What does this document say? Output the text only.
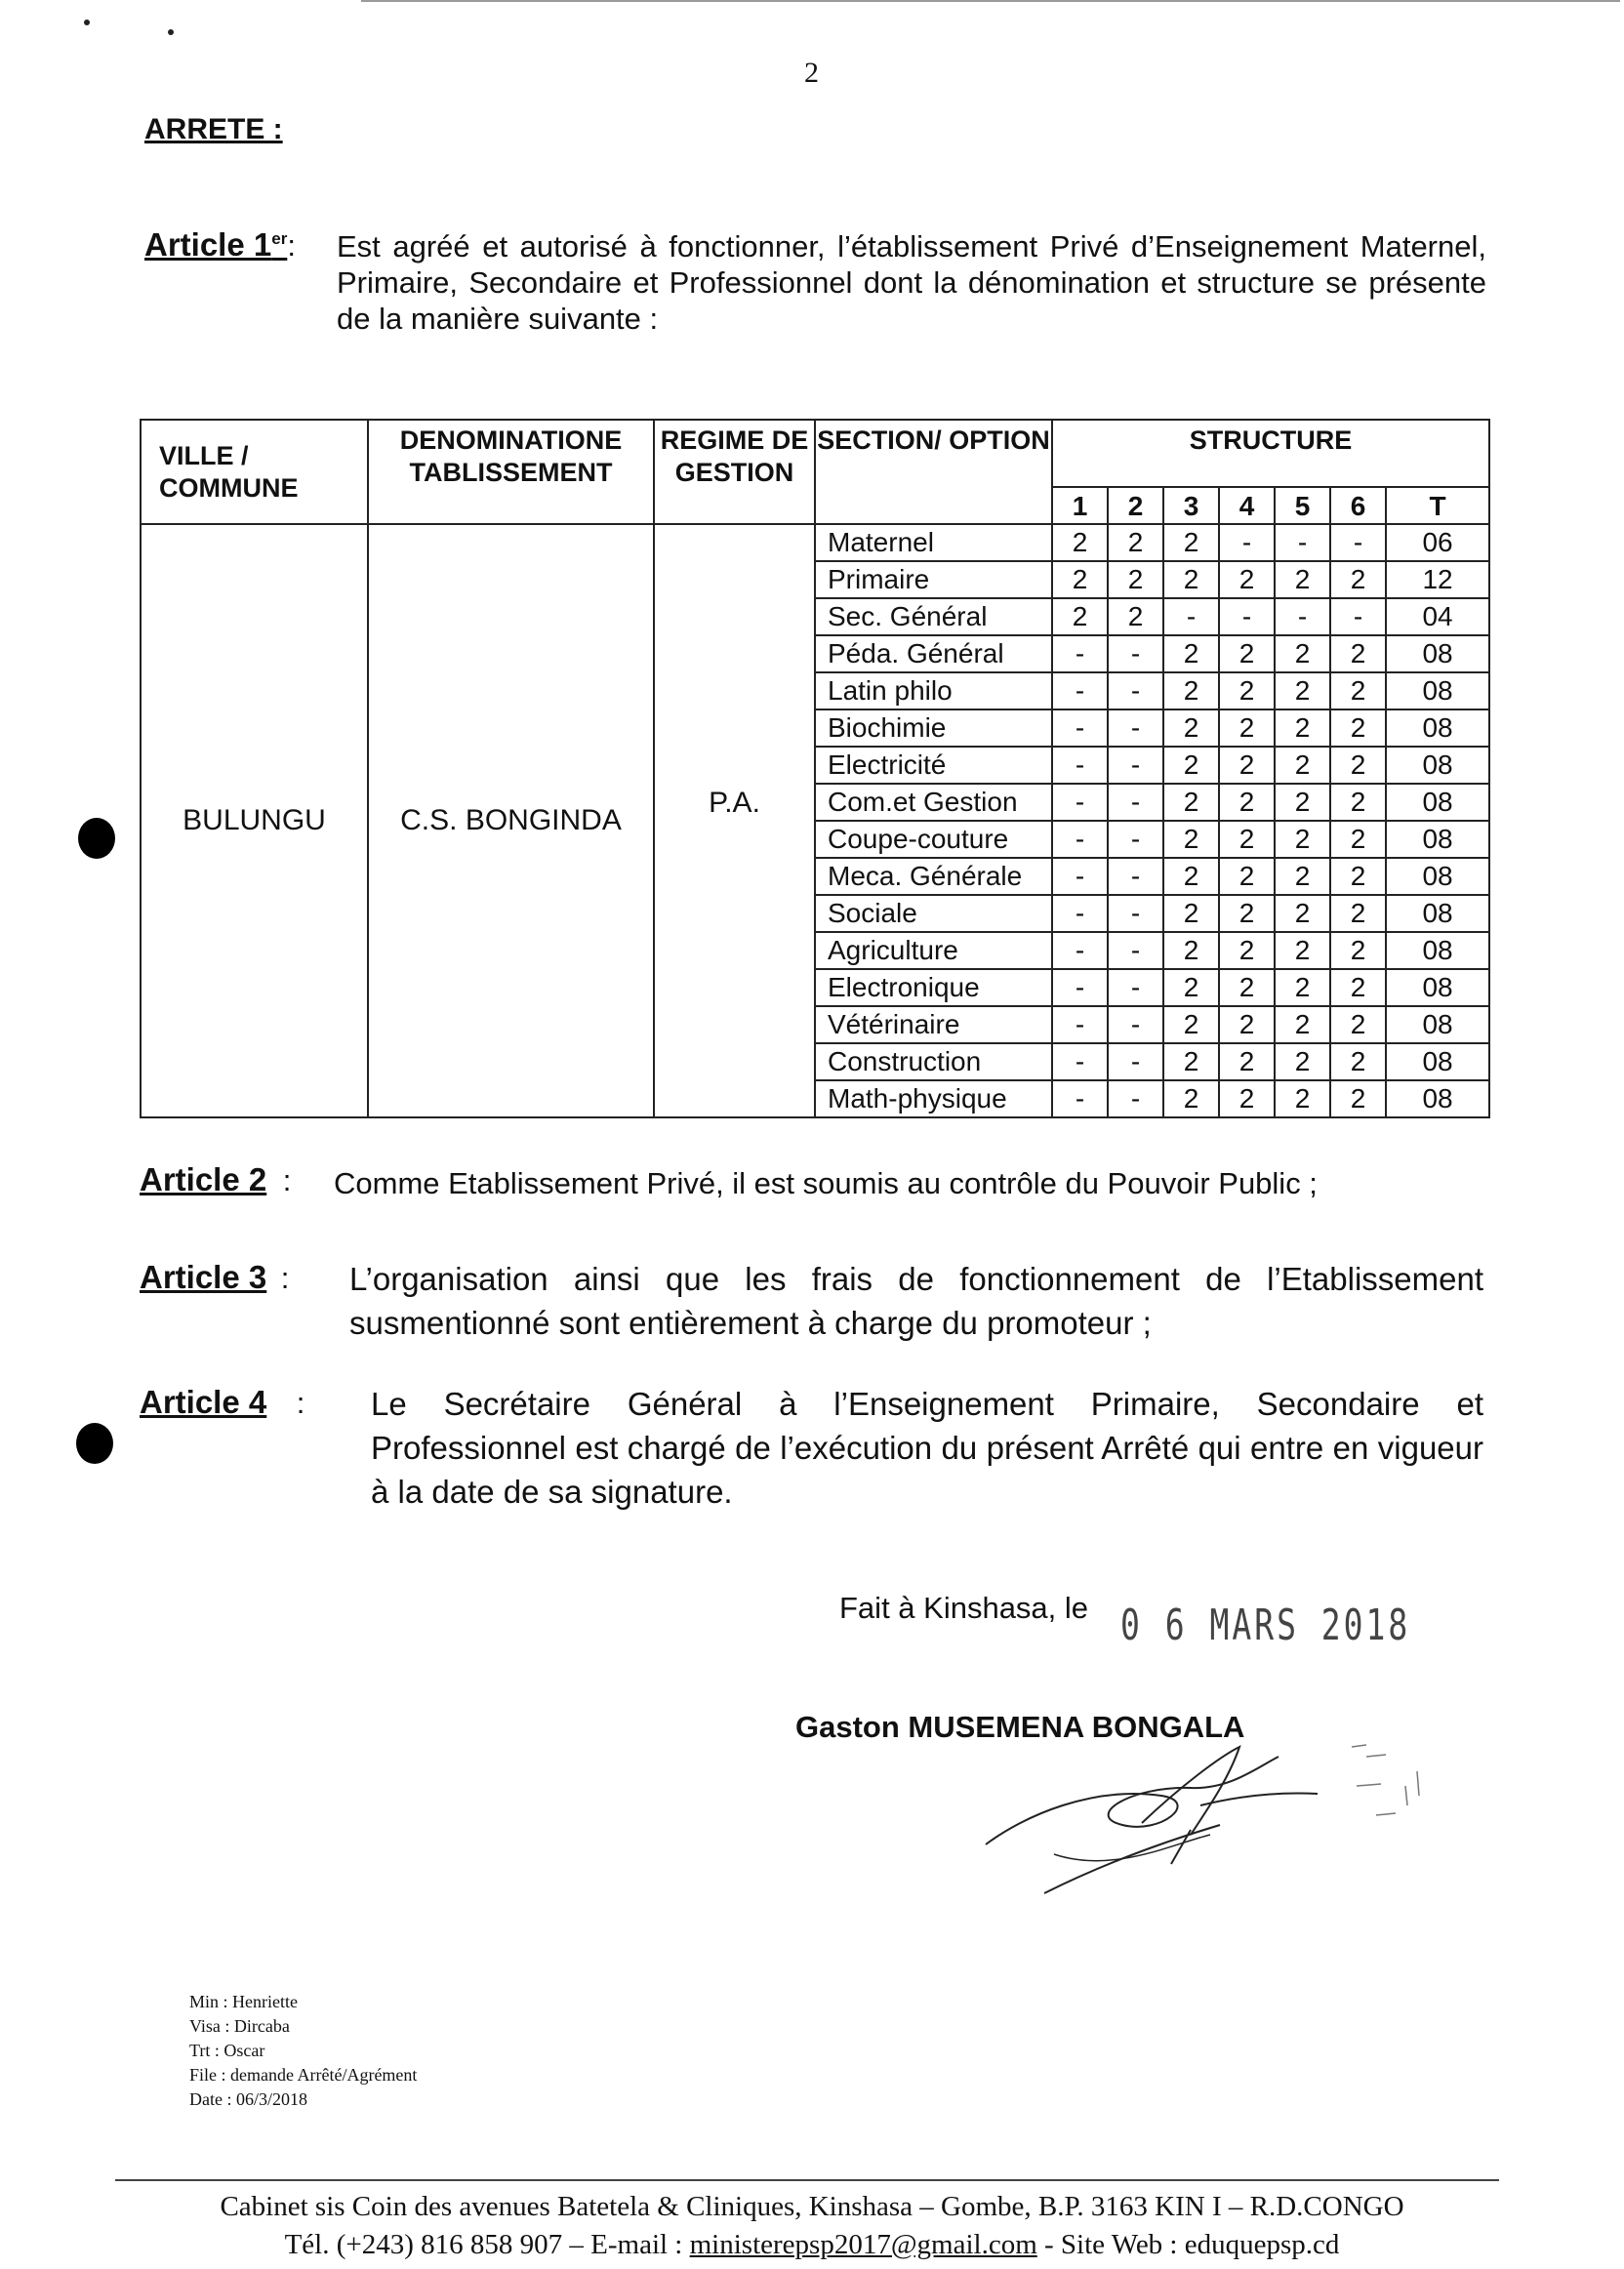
2
ARRETE :
Article 1er: Est agréé et autorisé à fonctionner, l’établissement Privé d’Enseignement Maternel, Primaire, Secondaire et Professionnel dont la dénomination et structure se présente de la manière suivante :
VILLE / COMMUNE	DENOMINATIONE TABLISSEMENT	REGIME DE GESTION	SECTION/ OPTION	STRUCTURE						
				1	2	3	4	5	6	T
BULUNGU	C.S. BONGINDA	P.A.	Maternel	2	2	2	-	-	-	06
			Primaire	2	2	2	2	2	2	12
			Sec. Général	2	2	-	-	-	-	04
			Péda. Général	-	-	2	2	2	2	08
			Latin philo	-	-	2	2	2	2	08
			Biochimie	-	-	2	2	2	2	08
			Electricité	-	-	2	2	2	2	08
			Com.et Gestion	-	-	2	2	2	2	08
			Coupe-couture	-	-	2	2	2	2	08
			Meca. Générale	-	-	2	2	2	2	08
			Sociale	-	-	2	2	2	2	08
			Agriculture	-	-	2	2	2	2	08
			Electronique	-	-	2	2	2	2	08
			Vétérinaire	-	-	2	2	2	2	08
			Construction	-	-	2	2	2	2	08
			Math-physique	-	-	2	2	2	2	08
Article 2 : Comme Etablissement Privé, il est soumis au contrôle du Pouvoir Public ;
Article 3 : L’organisation ainsi que les frais de fonctionnement de l’Etablissement susmentionné sont entièrement à charge du promoteur ;
Article 4 : Le Secrétaire Général à l’Enseignement Primaire, Secondaire et Professionnel est chargé de l’exécution du présent Arrêté qui entre en vigueur à la date de sa signature.
Fait à Kinshasa, le 0 6 MARS 2018
Gaston MUSEMENA BONGALA
Min : Henriette
Visa : Dircaba
Trt : Oscar
File : demande Arrêté/Agrément
Date : 06/3/2018
Cabinet sis Coin des avenues Batetela & Cliniques, Kinshasa – Gombe, B.P. 3163 KIN I – R.D.CONGO
Tél. (+243) 816 858 907 – E-mail : ministerepsp2017@gmail.com - Site Web : eduquepsp.cd
